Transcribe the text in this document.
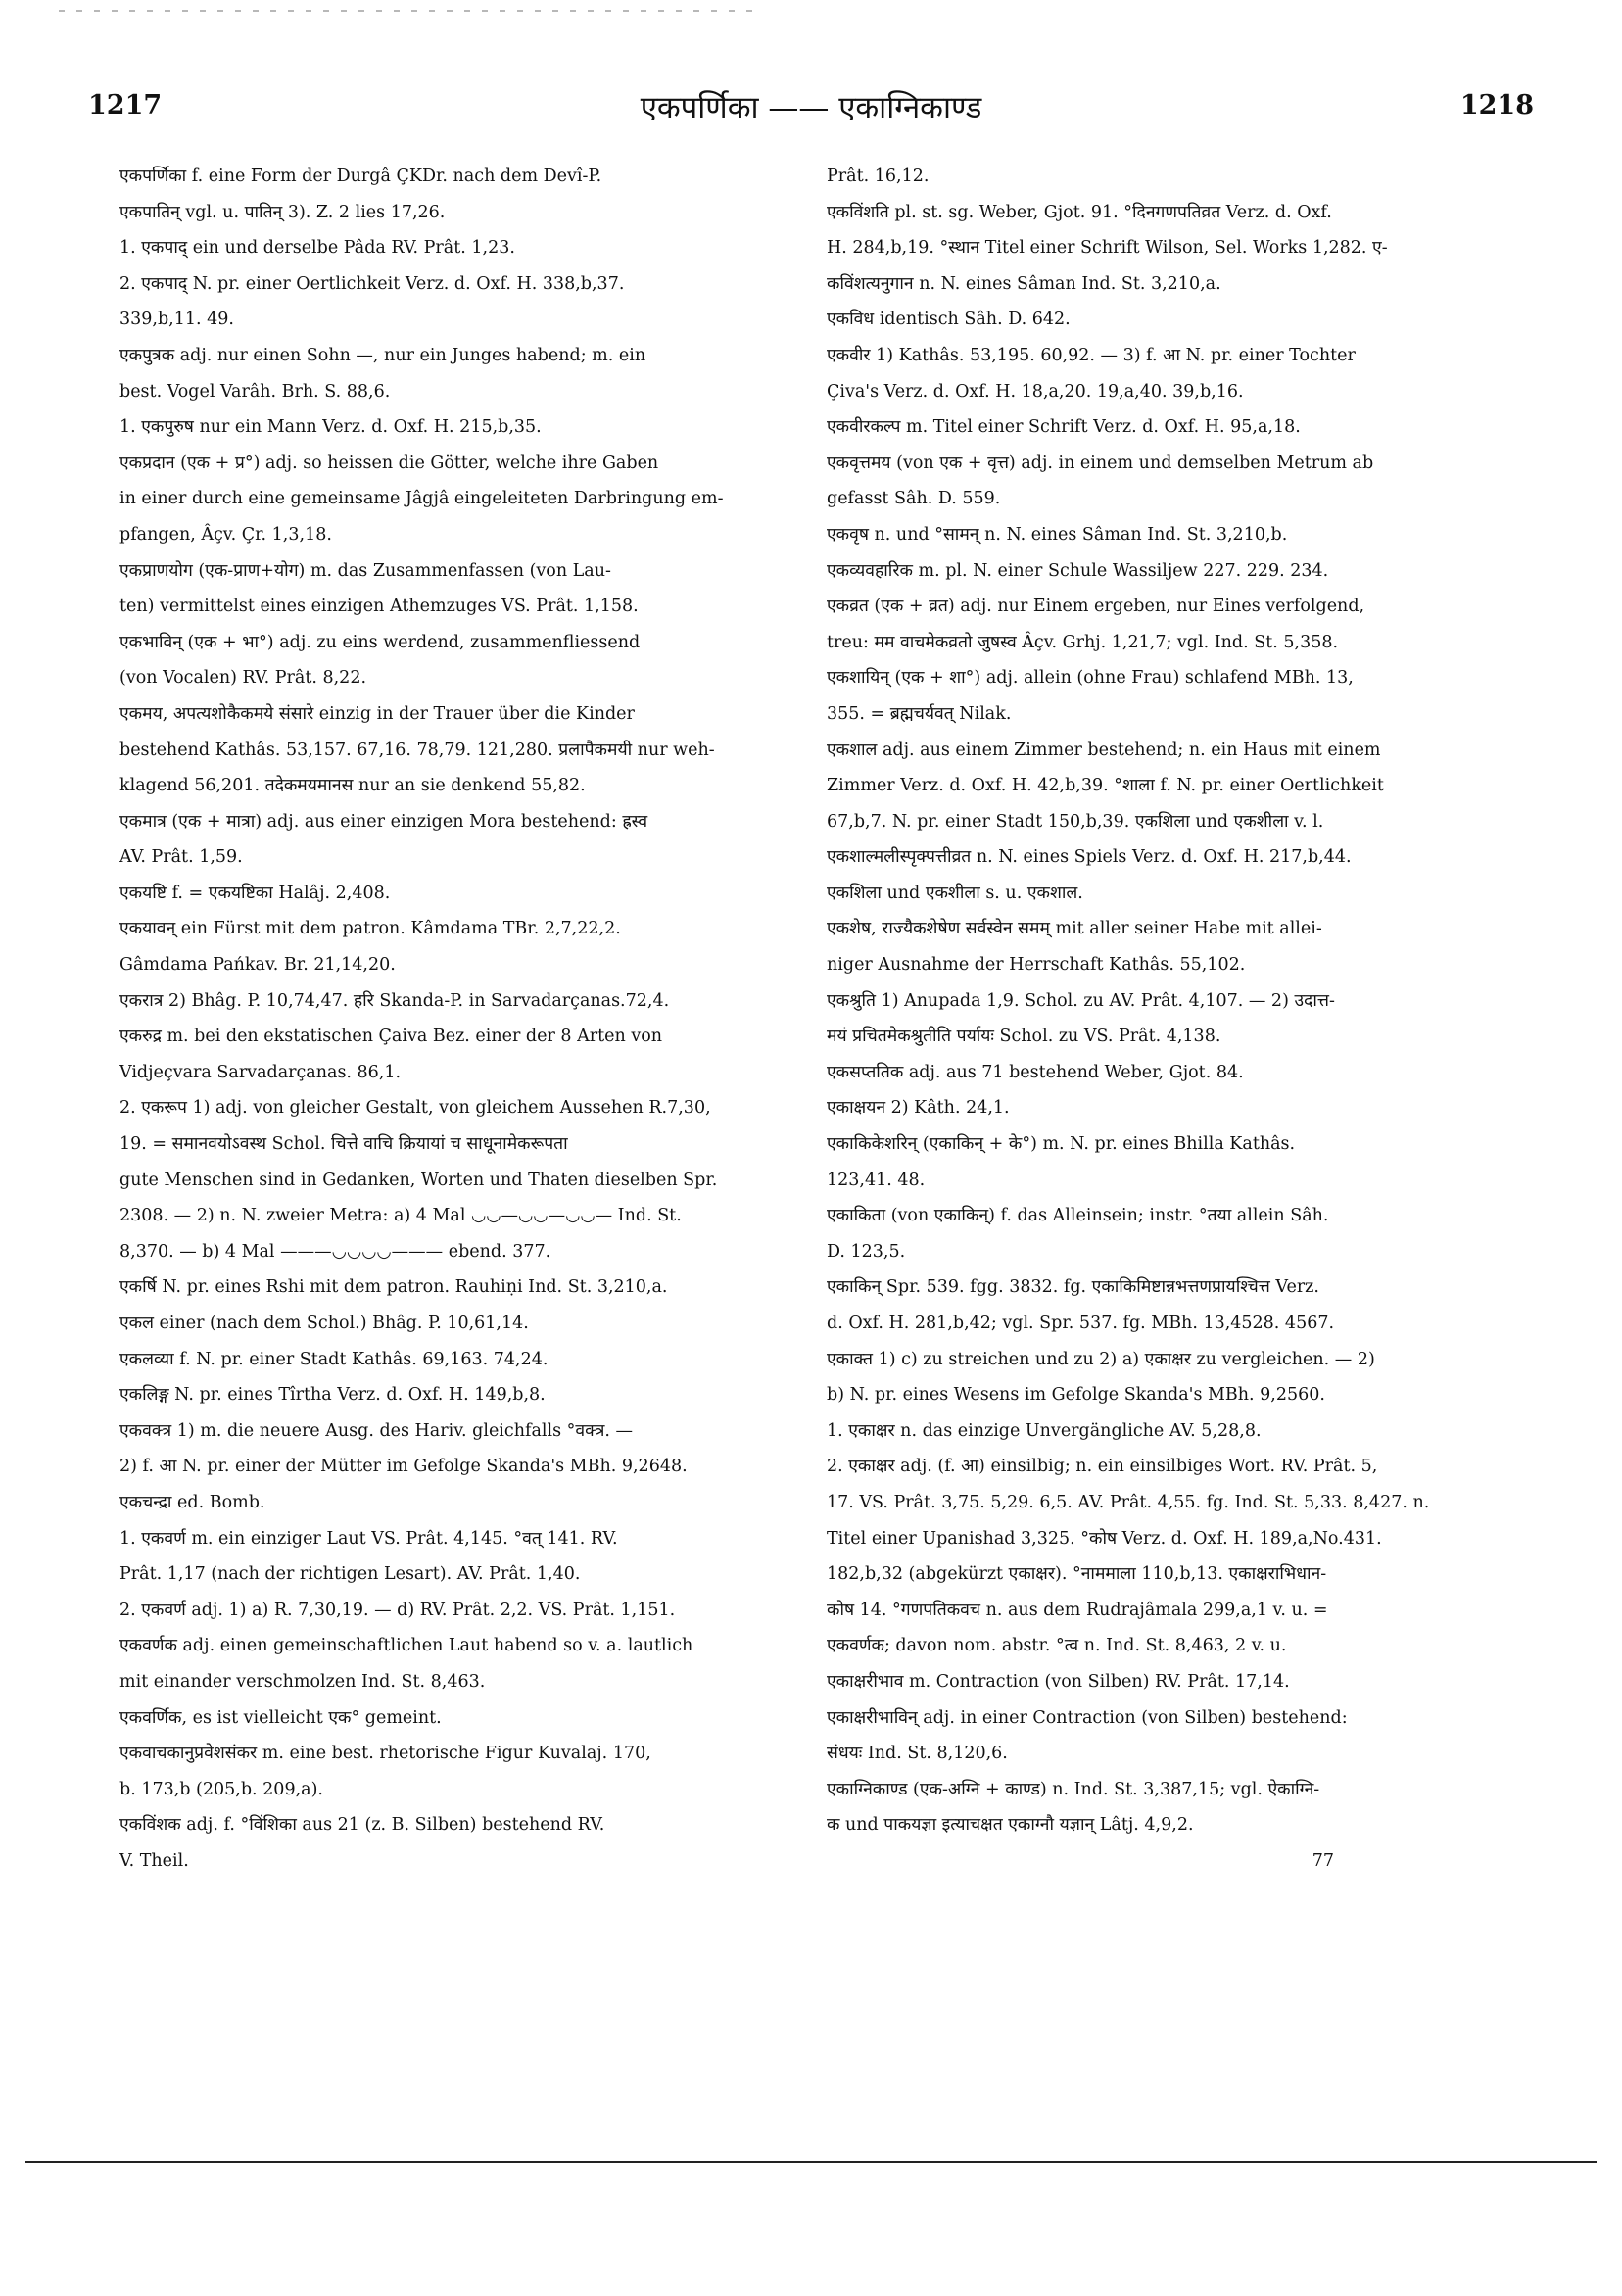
1217	एकपर्णिका —— एकाग्निकाण्ड	1218
एकपर्णिका f. eine Form der Durgâ ÇKDr. nach dem Devî-P.
एकपातिन् vgl. u. पातिन् 3). Z. 2 lies 17,26.
1. एकपाद् ein und derselbe Pâda RV. Prât. 1,23.
2. एकपाद् N. pr. einer Oertlichkeit Verz. d. Oxf. H. 338,b,37.
339,b,11. 49.
एकपुत्रक adj. nur einen Sohn —, nur ein Junges habend; m. ein
best. Vogel Varâh. Brh. S. 88,6.
1. एकपुरुष nur ein Mann Verz. d. Oxf. H. 215,b,35.
एकप्रदान (एक + प्र°) adj. so heissen die Götter, welche ihre Gaben
in einer durch eine gemeinsame Jâgjâ eingeleiteten Darbringung em-
pfangen, Âçv. Çr. 1,3,18.
एकप्राणयोग (एक-प्राण+योग) m. das Zusammenfassen (von Lau-
ten) vermittelst eines einzigen Athemzuges VS. Prât. 1,158.
एकभाविन् (एक + भा°) adj. zu eins werdend, zusammenfliessend
(von Vocalen) RV. Prât. 8,22.
एकमय, अपत्यशोकैकमये संसारे einzig in der Trauer über die Kinder
bestehend Kathâs. 53,157. 67,16. 78,79. 121,280. प्रलापैकमयी nur weh-
klagend 56,201. तदेकमयमानस nur an sie denkend 55,82.
एकमात्र (एक + मात्रा) adj. aus einer einzigen Mora bestehend: ह्रस्व
AV. Prât. 1,59.
एकयष्टि f. = एकयष्टिका Halâj. 2,408.
एकयावन् ein Fürst mit dem patron. Kâmdama TBr. 2,7,22,2.
Gâmdama Pańkav. Br. 21,14,20.
एकरात्र 2) Bhâg. P. 10,74,47. हरि Skanda-P. in Sarvadarçanas.72,4.
एकरुद्र m. bei den ekstatischen Çaiva Bez. einer der 8 Arten von
Vidjeçvara Sarvadarçanas. 86,1.
2. एकरूप 1) adj. von gleicher Gestalt, von gleichem Aussehen R.7,30,
19. = समानवयोऽवस्थ Schol. चित्ते वाचि क्रियायां च साधूनामेकरूपता
gute Menschen sind in Gedanken, Worten und Thaten dieselben Spr.
2308. — 2) n. N. zweier Metra: a) 4 Mal ◡◡—◡◡—◡◡— Ind. St.
8,370. — b) 4 Mal ———◡◡◡◡——— ebend. 377.
एकर्षि N. pr. eines Rshi mit dem patron. Rauhiṇi Ind. St. 3,210,a.
एकल einer (nach dem Schol.) Bhâg. P. 10,61,14.
एकलव्या f. N. pr. einer Stadt Kathâs. 69,163. 74,24.
एकलिङ्ग N. pr. eines Tîrtha Verz. d. Oxf. H. 149,b,8.
एकवक्त्र 1) m. die neuere Ausg. des Hariv. gleichfalls °वक्त्र. —
2) f. आ N. pr. einer der Mütter im Gefolge Skanda's MBh. 9,2648.
एकचन्द्रा ed. Bomb.
1. एकवर्ण m. ein einziger Laut VS. Prât. 4,145. °वत् 141. RV.
Prât. 1,17 (nach der richtigen Lesart). AV. Prât. 1,40.
2. एकवर्ण adj. 1) a) R. 7,30,19. — d) RV. Prât. 2,2. VS. Prât. 1,151.
एकवर्णक adj. einen gemeinschaftlichen Laut habend so v. a. lautlich
mit einander verschmolzen Ind. St. 8,463.
एकवर्णिक, es ist vielleicht एक° gemeint.
एकवाचकानुप्रवेशसंकर m. eine best. rhetorische Figur Kuvalaj. 170,
b. 173,b (205,b. 209,a).
एकविंशक adj. f. °विंशिका aus 21 (z. B. Silben) bestehend RV.
V. Theil.
Prât. 16,12.
एकविंशति pl. st. sg. Weber, Gjot. 91. °दिनगणपतिव्रत Verz. d. Oxf.
H. 284,b,19. °स्थान Titel einer Schrift Wilson, Sel. Works 1,282. ए-
कविंशत्यनुगान n. N. eines Sâman Ind. St. 3,210,a.
एकविध identisch Sâh. D. 642.
एकवीर 1) Kathâs. 53,195. 60,92. — 3) f. आ N. pr. einer Tochter
Çiva's Verz. d. Oxf. H. 18,a,20. 19,a,40. 39,b,16.
एकवीरकल्प m. Titel einer Schrift Verz. d. Oxf. H. 95,a,18.
एकवृत्तमय (von एक + वृत्त) adj. in einem und demselben Metrum ab
gefasst Sâh. D. 559.
एकवृष n. und °सामन् n. N. eines Sâman Ind. St. 3,210,b.
एकव्यवहारिक m. pl. N. einer Schule Wassiljew 227. 229. 234.
एकव्रत (एक + व्रत) adj. nur Einem ergeben, nur Eines verfolgend,
treu: मम वाचमेकव्रतो जुषस्व Âçv. Grhj. 1,21,7; vgl. Ind. St. 5,358.
एकशायिन् (एक + शा°) adj. allein (ohne Frau) schlafend MBh. 13,
355. = ब्रह्मचर्यवत् Nilak.
एकशाल adj. aus einem Zimmer bestehend; n. ein Haus mit einem
Zimmer Verz. d. Oxf. H. 42,b,39. °शाला f. N. pr. einer Oertlichkeit
67,b,7. N. pr. einer Stadt 150,b,39. एकशिला und एकशीला v. l.
एकशाल्मलीस्पृक्पत्तीव्रत n. N. eines Spiels Verz. d. Oxf. H. 217,b,44.
एकशिला und एकशीला s. u. एकशाल.
एकशेष, राज्यैकशेषेण सर्वस्वेन समम् mit aller seiner Habe mit allei-
niger Ausnahme der Herrschaft Kathâs. 55,102.
एकश्रुति 1) Anupada 1,9. Schol. zu AV. Prât. 4,107. — 2) उदात्त-
मयं प्रचितमेकश्रुतीति पर्यायः Schol. zu VS. Prât. 4,138.
एकसप्ततिक adj. aus 71 bestehend Weber, Gjot. 84.
एकाक्षयन 2) Kâth. 24,1.
एकाकिकेशरिन् (एकाकिन् + के°) m. N. pr. eines Bhilla Kathâs.
123,41. 48.
एकाकिता (von एकाकिन्) f. das Alleinsein; instr. °तया allein Sâh.
D. 123,5.
एकाकिन् Spr. 539. fgg. 3832. fg. एकाकिमिष्टान्नभत्तणप्रायश्चित्त Verz.
d. Oxf. H. 281,b,42; vgl. Spr. 537. fg. MBh. 13,4528. 4567.
एकाक्त 1) c) zu streichen und zu 2) a) एकाक्षर zu vergleichen. — 2)
b) N. pr. eines Wesens im Gefolge Skanda's MBh. 9,2560.
1. एकाक्षर n. das einzige Unvergängliche AV. 5,28,8.
2. एकाक्षर adj. (f. आ) einsilbig; n. ein einsilbiges Wort. RV. Prât. 5,
17. VS. Prât. 3,75. 5,29. 6,5. AV. Prât. 4,55. fg. Ind. St. 5,33. 8,427. n.
Titel einer Upanishad 3,325. °कोष Verz. d. Oxf. H. 189,a,No.431.
182,b,32 (abgekürzt एकाक्षर). °नाममाला 110,b,13. एकाक्षराभिधान-
कोष 14. °गणपतिकवच n. aus dem Rudrajâmala 299,a,1 v. u. =
एकवर्णक; davon nom. abstr. °त्व n. Ind. St. 8,463, 2 v. u.
एकाक्षरीभाव m. Contraction (von Silben) RV. Prât. 17,14.
एकाक्षरीभाविन् adj. in einer Contraction (von Silben) bestehend:
संधयः Ind. St. 8,120,6.
एकाग्निकाण्ड (एक-अग्नि + काण्ड) n. Ind. St. 3,387,15; vgl. ऐकाग्नि-
क und पाकयज्ञा इत्याचक्षत एकाग्नौ यज्ञान् Lâtj. 4,9,2.
77
